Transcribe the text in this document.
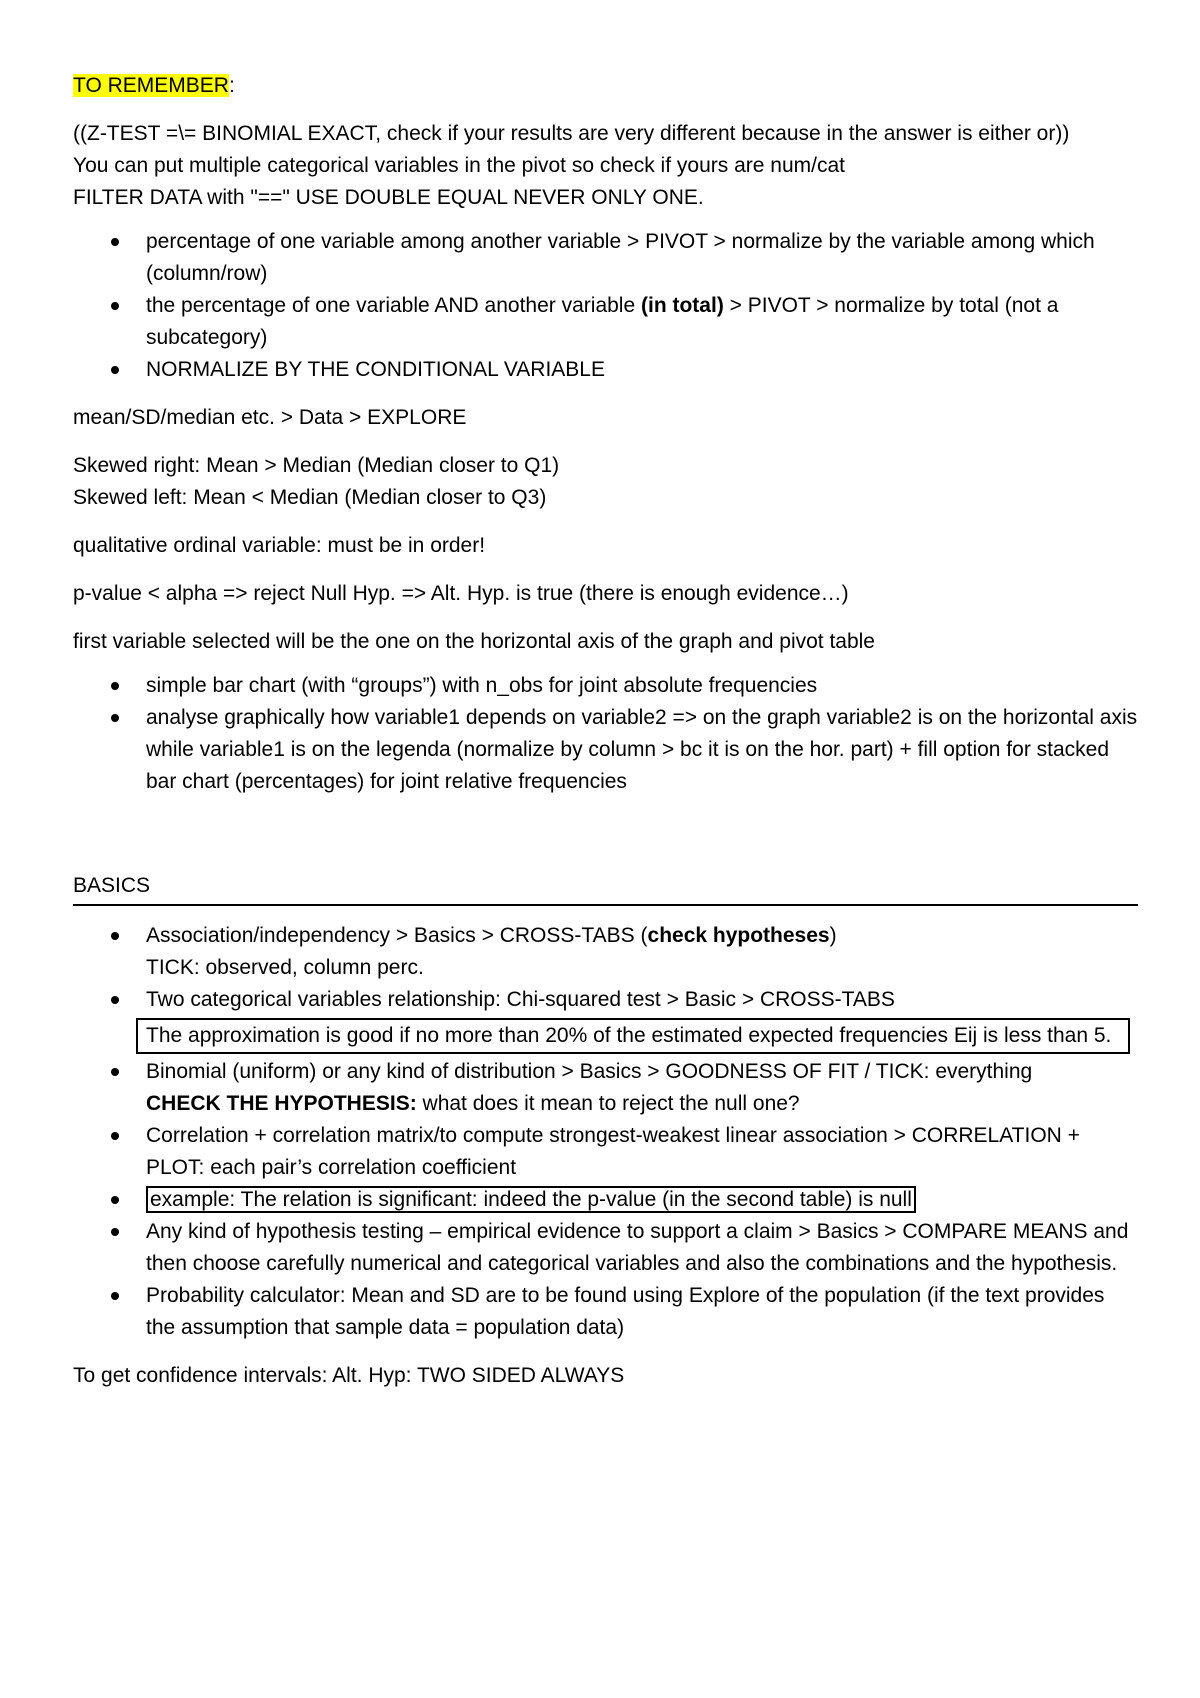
TO REMEMBER:

((Z-TEST =\= BINOMIAL EXACT, check if your results are very different because in the answer is either or))

You can put multiple categorical variables in the pivot so check if yours are num/cat

FILTER DATA with "==" USE DOUBLE EQUAL NEVER ONLY ONE.

percentage of one variable among another variable > PIVOT > normalize by the variable among which (column/row)
the percentage of one variable AND another variable (in total) > PIVOT > normalize by total (not a subcategory)
NORMALIZE BY THE CONDITIONAL VARIABLE

mean/SD/median etc. > Data > EXPLORE

Skewed right: Mean > Median (Median closer to Q1)

Skewed left: Mean < Median (Median closer to Q3)

qualitative ordinal variable: must be in order!

p-value < alpha => reject Null Hyp. => Alt. Hyp. is true (there is enough evidence…)

first variable selected will be the one on the horizontal axis of the graph and pivot table

simple bar chart (with “groups”) with n_obs for joint absolute frequencies
analyse graphically how variable1 depends on variable2 => on the graph variable2 is on the horizontal axis while variable1 is on the legenda (normalize by column > bc it is on the hor. part) + fill option for stacked bar chart (percentages) for joint relative frequencies

BASICS

Association/independency > Basics > CROSS-TABS (check hypotheses)
TICK: observed, column perc.
Two categorical variables relationship: Chi-squared test > Basic > CROSS-TABS
The approximation is good if no more than 20% of the estimated expected frequencies Eij is less than 5.
Binomial (uniform) or any kind of distribution > Basics > GOODNESS OF FIT / TICK: everything
CHECK THE HYPOTHESIS: what does it mean to reject the null one?
Correlation + correlation matrix/to compute strongest-weakest linear association > CORRELATION + PLOT: each pair’s correlation coefficient
example: The relation is significant: indeed the p-value (in the second table) is null
Any kind of hypothesis testing – empirical evidence to support a claim > Basics > COMPARE MEANS and then choose carefully numerical and categorical variables and also the combinations and the hypothesis.
Probability calculator: Mean and SD are to be found using Explore of the population (if the text provides the assumption that sample data = population data)

To get confidence intervals: Alt. Hyp: TWO SIDED ALWAYS
